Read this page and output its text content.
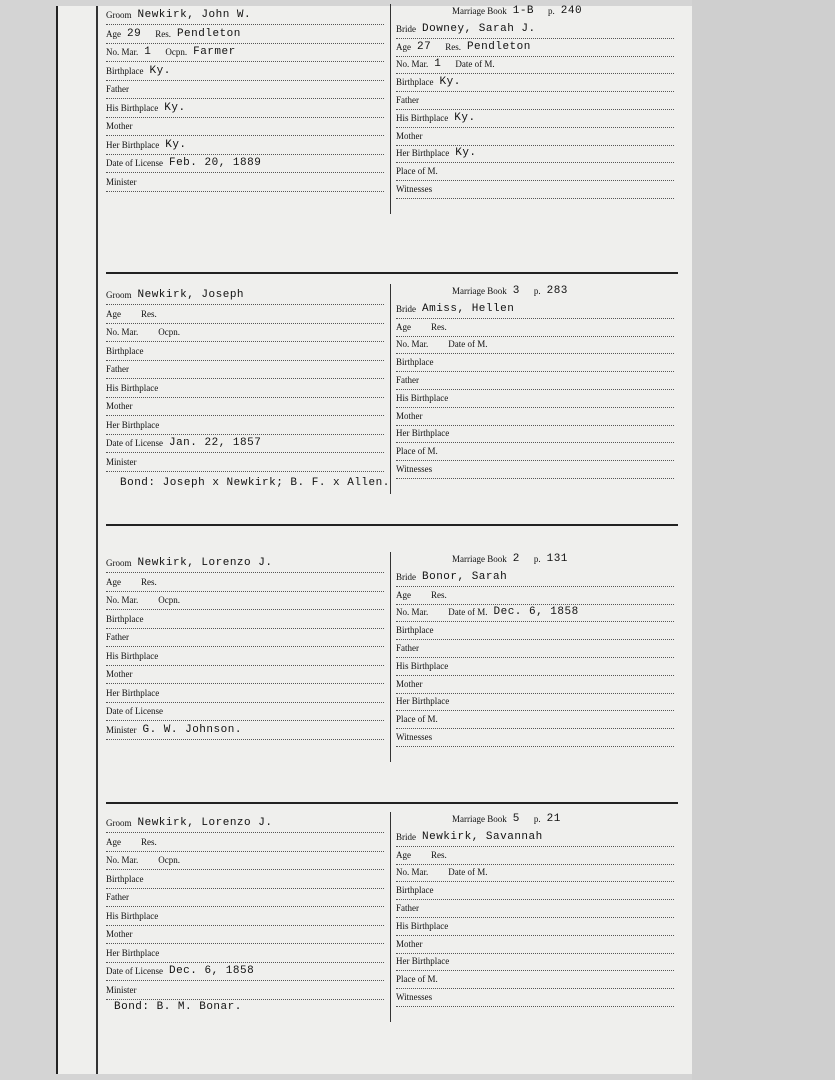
Groom Newkirk, John W.
Age 29 Res. Pendleton
No. Mar. 1 Ocpn. Farmer
Birthplace Ky.
Father
His Birthplace Ky.
Mother
Her Birthplace Ky.
Date of License Feb. 20, 1889
Minister
Marriage Book 1-B p. 240
Bride Downey, Sarah J.
Age 27 Res. Pendleton
No. Mar. 1 Date of M.
Birthplace Ky.
Father
His Birthplace Ky.
Mother
Her Birthplace Ky.
Place of M.
Witnesses
Groom Newkirk, Joseph
Age Res.
No. Mar. Ocpn.
Birthplace
Father
His Birthplace
Mother
Her Birthplace
Date of License Jan. 22, 1857
Minister
Marriage Book 3 p. 283
Bride Amiss, Hellen
Age Res.
No. Mar. Date of M.
Birthplace
Father
His Birthplace
Mother
Her Birthplace
Place of M.
Witnesses
Bond: Joseph x Newkirk; B. F. x Allen.
Groom Newkirk, Lorenzo J.
Age Res.
No. Mar. Ocpn.
Birthplace
Father
His Birthplace
Mother
Her Birthplace
Date of License
Minister G. W. Johnson.
Marriage Book 2 p. 131
Bride Bonor, Sarah
Age Res.
No. Mar. Date of M. Dec. 6, 1858
Birthplace
Father
His Birthplace
Mother
Her Birthplace
Place of M.
Witnesses
Groom Newkirk, Lorenzo J.
Age Res.
No. Mar. Ocpn.
Birthplace
Father
His Birthplace
Mother
Her Birthplace
Date of License Dec. 6, 1858
Minister
Marriage Book 5 p. 21
Bride Newkirk, Savannah
Age Res.
No. Mar. Date of M.
Birthplace
Father
His Birthplace
Mother
Her Birthplace
Place of M.
Witnesses
Bond: B. M. Bonar.
